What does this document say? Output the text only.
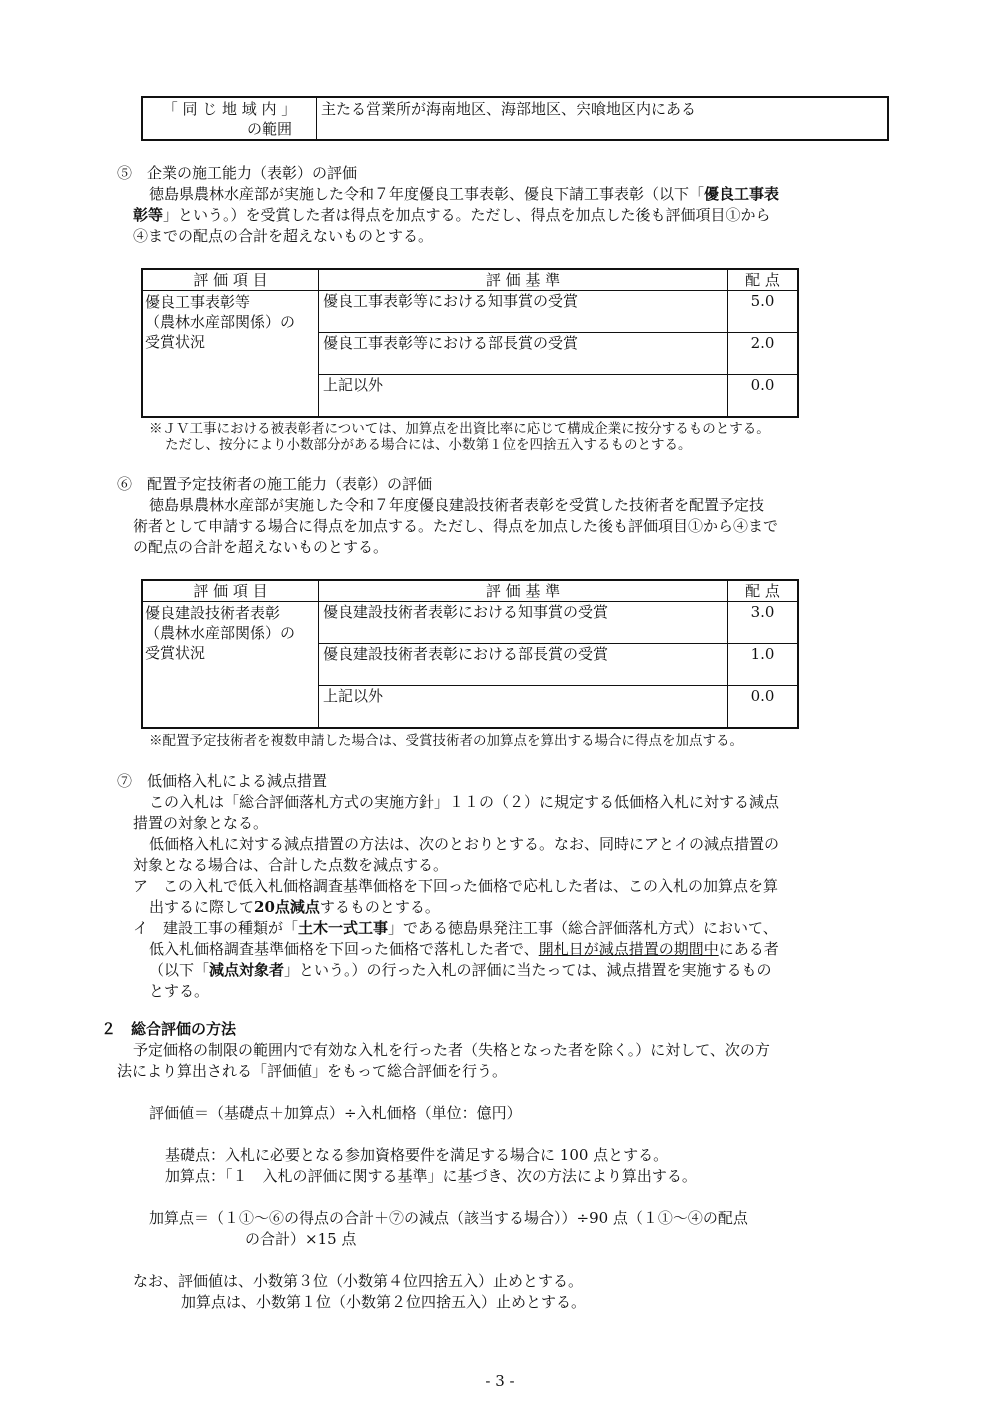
「 同 じ 地 域 内 」
の範囲
	主たる営業所が海南地区、海部地区、宍喰地区内にある
⑤　企業の施工能力（表彰）の評価
徳島県農林水産部が実施した令和７年度優良工事表彰、優良下請工事表彰（以下「優良工事表
彰等」という。）を受賞した者は得点を加点する。ただし、得点を加点した後も評価項目①から
④までの配点の合計を超えないものとする。
評 価 項 目	評 価 基 準	配 点

優良工事表彰等
（農林水産部関係）の
受賞状況	優良工事表彰等における知事賞の受賞	5.0
	優良工事表彰等における部長賞の受賞	2.0
	上記以外	0.0
※ＪＶ工事における被表彰者については、加算点を出資比率に応じて構成企業に按分するものとする。
ただし、按分により小数部分がある場合には、小数第１位を四捨五入するものとする。
⑥　配置予定技術者の施工能力（表彰）の評価
徳島県農林水産部が実施した令和７年度優良建設技術者表彰を受賞した技術者を配置予定技
術者として申請する場合に得点を加点する。ただし、得点を加点した後も評価項目①から④まで
の配点の合計を超えないものとする。
評 価 項 目	評 価 基 準	配 点

優良建設技術者表彰
（農林水産部関係）の
受賞状況	優良建設技術者表彰における知事賞の受賞	3.0
	優良建設技術者表彰における部長賞の受賞	1.0
	上記以外	0.0
※配置予定技術者を複数申請した場合は、受賞技術者の加算点を算出する場合に得点を加点する。
⑦　低価格入札による減点措置
この入札は「総合評価落札方式の実施方針」１１の（２）に規定する低価格入札に対する減点
措置の対象となる。
低価格入札に対する減点措置の方法は、次のとおりとする。なお、同時にアとイの減点措置の
対象となる場合は、合計した点数を減点する。
ア　この入札で低入札価格調査基準価格を下回った価格で応札した者は、この入札の加算点を算
出するに際して20点減点するものとする。
イ　建設工事の種類が「土木一式工事」である徳島県発注工事（総合評価落札方式）において、
低入札価格調査基準価格を下回った価格で落札した者で、開札日が減点措置の期間中にある者
（以下「減点対象者」という。）の行った入札の評価に当たっては、減点措置を実施するもの
とする。
２　総合評価の方法
予定価格の制限の範囲内で有効な入札を行った者（失格となった者を除く。）に対して、次の方
法により算出される「評価値」をもって総合評価を行う。
評価値＝（基礎点＋加算点）÷入札価格（単位：億円）
基礎点：入札に必要となる参加資格要件を満足する場合に 100 点とする。
加算点：「１　入札の評価に関する基準」に基づき、次の方法により算出する。
加算点＝（１①～⑥の得点の合計＋⑦の減点（該当する場合））÷90 点（１①～④の配点
の合計）×15 点
なお、評価値は、小数第３位（小数第４位四捨五入）止めとする。
加算点は、小数第１位（小数第２位四捨五入）止めとする。
- 3 -
